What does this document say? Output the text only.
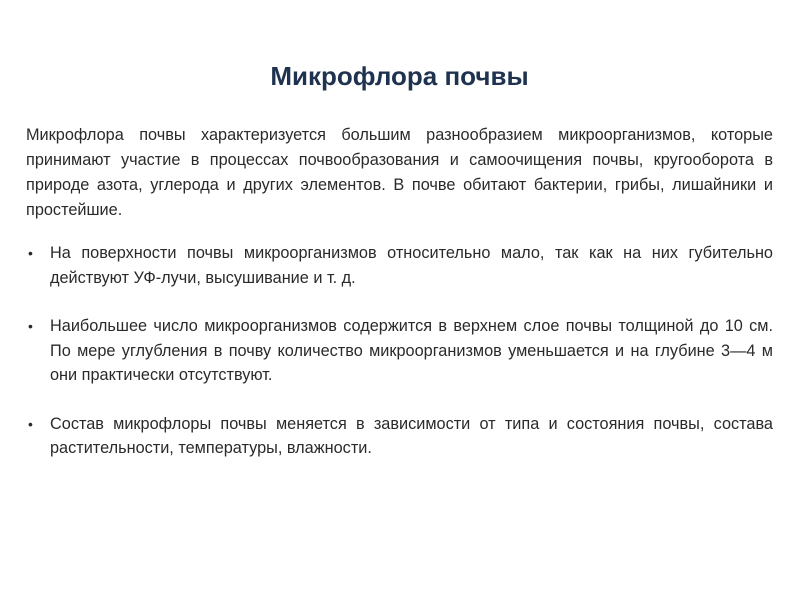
Микрофлора почвы

Микрофлора почвы характеризуется большим разнообразием микроорганизмов, которые принимают участие в процессах почвообразования и самоочищения почвы, кругооборота в природе азота, углерода и других элементов. В почве обитают бактерии, грибы, лишайники и простейшие.

• На поверхности почвы микроорганизмов относительно мало, так как на них губительно действуют УФ-лучи, высушивание и т. д.
• Наибольшее число микроорганизмов содержится в верхнем слое почвы толщиной до 10 см. По мере углубления в почву количество микроорганизмов уменьшается и на глубине 3—4 м они практически отсутствуют.
• Состав микрофлоры почвы меняется в зависимости от типа и состояния почвы, состава растительности, температуры, влажности.
